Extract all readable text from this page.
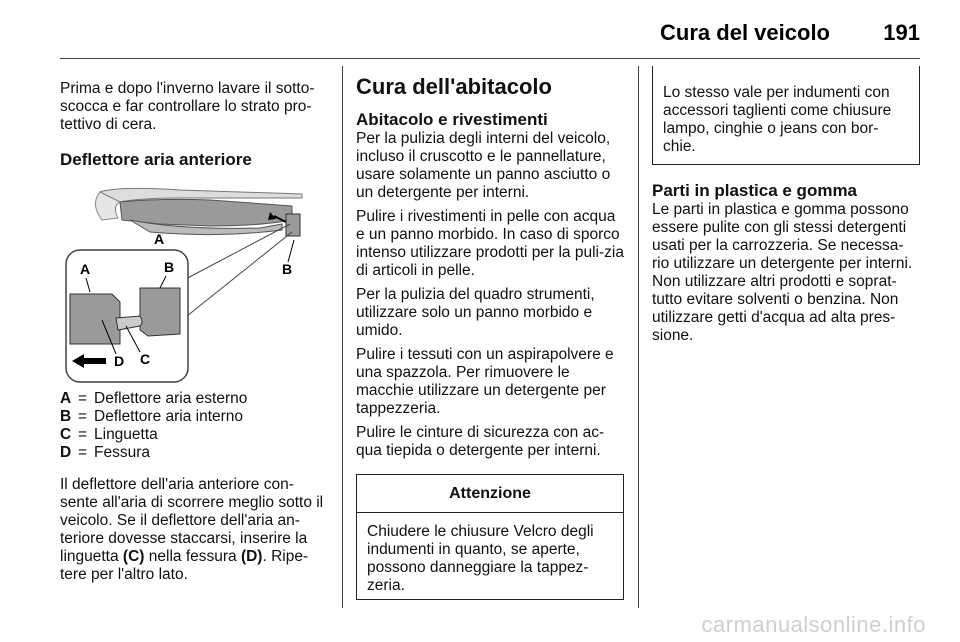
Cura del veicolo 191

Prima e dopo l'inverno lavare il sotto-scocca e far controllare lo strato pro-tettivo di cera.

Deflettore aria anteriore
A
B
A	B
C
D
A = Deflettore aria esterno
B = Deflettore aria interno
C = Linguetta
D = Fessura

Il deflettore dell'aria anteriore con-sente all'aria di scorrere meglio sotto il veicolo. Se il deflettore dell'aria an-teriore dovesse staccarsi, inserire la linguetta (C) nella fessura (D). Ripe-tere per l'altro lato.

Cura dell'abitacolo
Abitacolo e rivestimenti

Per la pulizia degli interni del veicolo, incluso il cruscotto e le pannellature, usare solamente un panno asciutto o un detergente per interni.

Pulire i rivestimenti in pelle con acqua e un panno morbido. In caso di sporco intenso utilizzare prodotti per la puli-zia di articoli in pelle.

Per la pulizia del quadro strumenti, utilizzare solo un panno morbido e umido.

Pulire i tessuti con un aspirapolvere e una spazzola. Per rimuovere le macchie utilizzare un detergente per tappezzeria.

Pulire le cinture di sicurezza con ac-qua tiepida o detergente per interni.

Attenzione

Chiudere le chiusure Velcro degli indumenti in quanto, se aperte, possono danneggiare la tappez-zeria.

Lo stesso vale per indumenti con accessori taglienti come chiusure lampo, cinghie o jeans con bor-chie.

Parti in plastica e gomma

Le parti in plastica e gomma possono essere pulite con gli stessi detergenti usati per la carrozzeria. Se necessa-rio utilizzare un detergente per interni. Non utilizzare altri prodotti e soprat-tutto evitare solventi o benzina. Non utilizzare getti d'acqua ad alta pres-sione.

carmanualsonline.info
